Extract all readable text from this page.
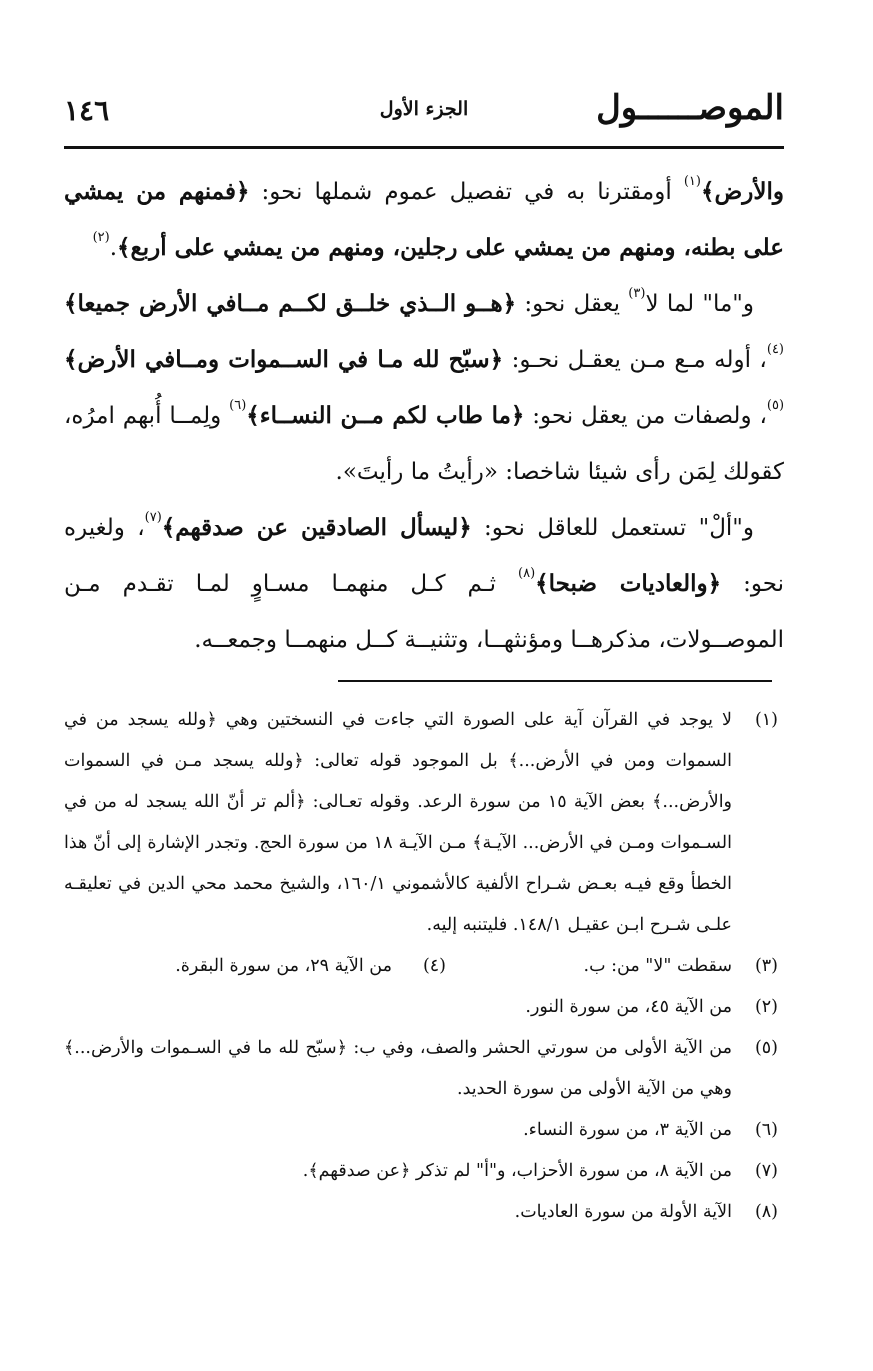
الموصــــــول
الجزء الأول
١٤٦

والأرض﴾$^{(١)}$ أومقترنا به في تفصيل عموم شملها نحو: ﴿فمنهم من يمشي على بطنه، ومنهم من يمشي على رجلين، ومنهم من يمشي على أربع﴾.$^{(٢)}$

و"ما" لما لا$^{(٣)}$ يعقل نحو: ﴿هــو الــذي خلــق لكــم مــافي الأرض جميعا﴾$^{(٤)}$، أوله مـع مـن يعقـل نحـو: ﴿سبّح لله مـا في الســموات ومــافي الأرض﴾$^{(٥)}$، ولصفات من يعقل نحو: ﴿ما طاب لكم مــن النســاء﴾$^{(٦)}$ ولِمــا أُبهم امرُه، كقولك لِمَن رأى شيئا شاخصا: «رأيتُ ما رأيتَ».

و"ألْ" تستعمل للعاقل نحو: ﴿ليسأل الصادقين عن صدقهم﴾$^{(٧)}$، ولغيره نحو: ﴿والعاديات ضبحا﴾$^{(٨)}$ ثـم كـل منهمـا مسـاوٍ لمـا تقـدم مـن الموصــولات، مذكرهــا ومؤنثهــا، وتثنيــة كــل منهمــا وجمعــه.

(١)
لا يوجد في القرآن آية على الصورة التي جاءت في النسختين وهي ﴿ولله يسجد من في السموات ومن في الأرض...﴾ بل الموجود قوله تعالى: ﴿ولله يسجد مـن في السموات والأرض...﴾ بعض الآية ١٥ من سورة الرعد. وقوله تعـالى: ﴿ألم تر أنّ الله يسجد له من في السـموات ومـن في الأرض... الآيـة﴾ مـن الآيـة ١٨ من سورة الحج. وتجدر الإشارة إلى أنّ هذا الخطأ وقع فيـه بعـض شـراح الألفية كالأشموني ١٦٠/١، والشيخ محمد محي الدين في تعليقـه علـى شـرح ابـن عقيـل ١٤٨/١. فليتنبه إليه.
(٣)
سقطت "لا" من: ب.
(٤)
من الآية ٢٩، من سورة البقرة.
(٢)
من الآية ٤٥، من سورة النور.
(٥)
من الآية الأولى من سورتي الحشر والصف، وفي ب: ﴿سبّح لله ما في السـموات والأرض...﴾ وهي من الآية الأولى من سورة الحديد.
(٦)
من الآية ٣، من سورة النساء.
(٧)
من الآية ٨، من سورة الأحزاب، و"أ" لم تذكر ﴿عن صدقهم﴾.
(٨)
الآية الأولة من سورة العاديات.
